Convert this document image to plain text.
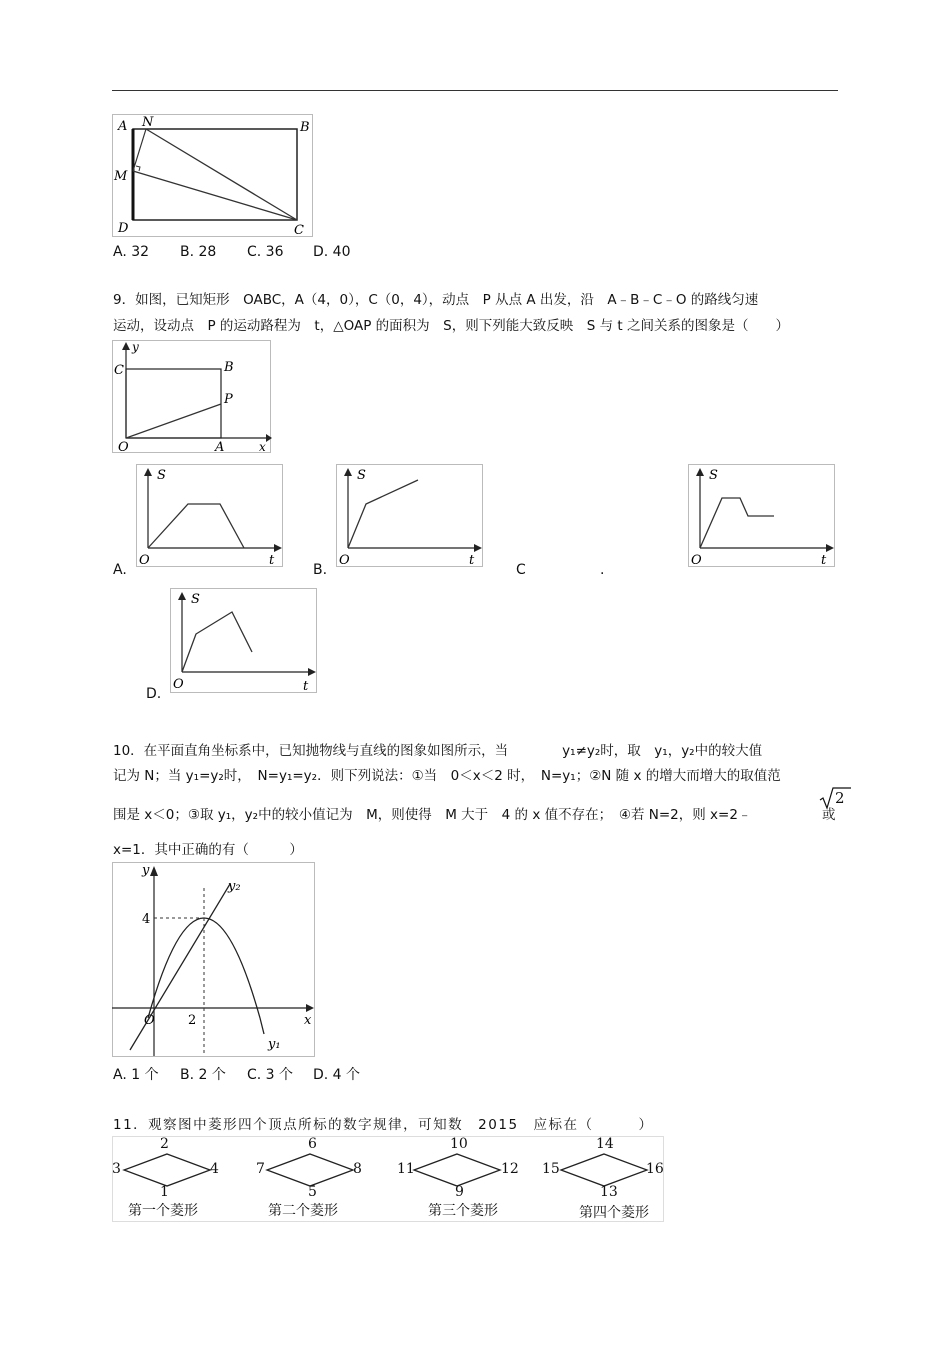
A N	B
M
D	C
A. 32 B. 28 C. 36 D. 40
9．如图，已知矩形　OABC，A（4，0），C（0，4），动点　P 从点 A 出发，沿　A﹣B﹣C﹣O 的路线匀速
运动，设动点　P 的运动路程为　t，△OAP 的面积为　S，则下列能大致反映　S 与 t 之间关系的图象是（　　）
y
C	B
P
O	A	x
S
O	t
A.
S
O	t
B.	C	.
S
O	t
S
O	t
D.
10．在平面直角坐标系中，已知抛物线与直线的图象如图所示，当　　　　y₁≠y₂时，取　y₁，y₂中的较大值
记为 N；当 y₁=y₂时，　N=y₁=y₂．则下列说法：①当　0＜x＜2 时，　N=y₁；②N 随 x 的增大而增大的取值范
围是 x＜0；③取 y₁，y₂中的较小值记为　M，则使得　M 大于　4 的 x 值不存在；　④若 N=2，则 x=2﹣
2
或
x=1．其中正确的有（　　　）
y
y₂
4
O	2	x
y₁
A. 1 个 B. 2 个 C. 3 个 D. 4 个
11．观察图中菱形四个顶点所标的数字规律，可知数　2015　应标在（　　　）
2
3	4
1
第一个菱形
6
7	8
5
第二个菱形
10
11	12
9
第三个菱形
14
15	16
13
第四个菱形
